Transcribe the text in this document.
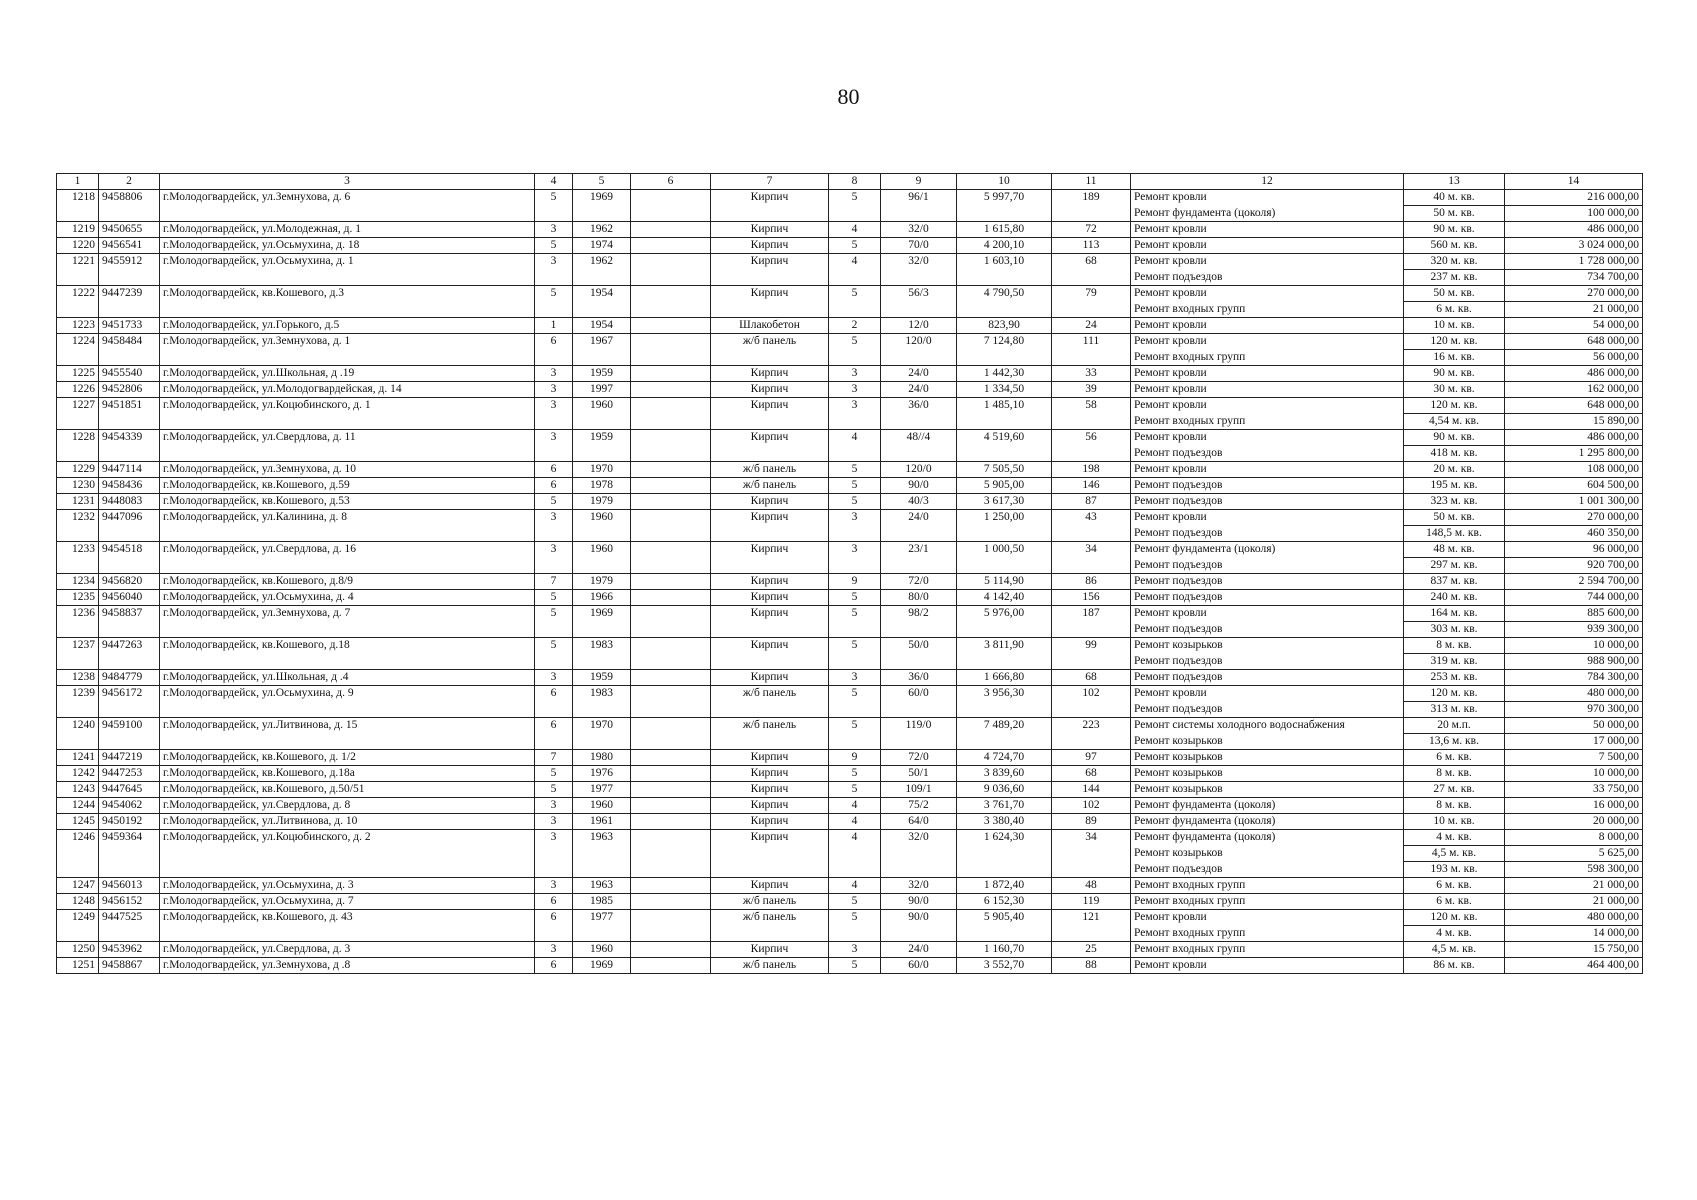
80
1	2	3	4	5	6	7	8	9	10	11	12	13	14
1218	9458806	г.Молодогвардейск, ул.Земнухова, д. 6	5	1969		Кирпич	5	96/1	5 997,70	189	Ремонт кровли	40 м. кв.	216 000,00
											Ремонт фундамента (цоколя)	50 м. кв.	100 000,00
1219	9450655	г.Молодогвардейск, ул.Молодежная, д. 1	3	1962		Кирпич	4	32/0	1 615,80	72	Ремонт кровли	90 м. кв.	486 000,00
1220	9456541	г.Молодогвардейск, ул.Осьмухина, д. 18	5	1974		Кирпич	5	70/0	4 200,10	113	Ремонт кровли	560 м. кв.	3 024 000,00
1221	9455912	г.Молодогвардейск, ул.Осьмухина, д. 1	3	1962		Кирпич	4	32/0	1 603,10	68	Ремонт кровли	320 м. кв.	1 728 000,00
											Ремонт подъездов	237 м. кв.	734 700,00
1222	9447239	г.Молодогвардейск, кв.Кошевого, д.3	5	1954		Кирпич	5	56/3	4 790,50	79	Ремонт кровли	50 м. кв.	270 000,00
											Ремонт входных групп	6 м. кв.	21 000,00
1223	9451733	г.Молодогвардейск, ул.Горького, д.5	1	1954		Шлакобетон	2	12/0	823,90	24	Ремонт кровли	10 м. кв.	54 000,00
1224	9458484	г.Молодогвардейск, ул.Земнухова, д. 1	6	1967		ж/б панель	5	120/0	7 124,80	111	Ремонт кровли	120 м. кв.	648 000,00
											Ремонт входных групп	16 м. кв.	56 000,00
1225	9455540	г.Молодогвардейск, ул.Школьная, д .19	3	1959		Кирпич	3	24/0	1 442,30	33	Ремонт кровли	90 м. кв.	486 000,00
1226	9452806	г.Молодогвардейск, ул.Молодогвардейская, д. 14	3	1997		Кирпич	3	24/0	1 334,50	39	Ремонт кровли	30 м. кв.	162 000,00
1227	9451851	г.Молодогвардейск, ул.Коцюбинского, д. 1	3	1960		Кирпич	3	36/0	1 485,10	58	Ремонт кровли	120 м. кв.	648 000,00
											Ремонт входных групп	4,54 м. кв.	15 890,00
1228	9454339	г.Молодогвардейск, ул.Свердлова, д. 11	3	1959		Кирпич	4	48//4	4 519,60	56	Ремонт кровли	90 м. кв.	486 000,00
											Ремонт подъездов	418 м. кв.	1 295 800,00
1229	9447114	г.Молодогвардейск, ул.Земнухова, д. 10	6	1970		ж/б панель	5	120/0	7 505,50	198	Ремонт кровли	20 м. кв.	108 000,00
1230	9458436	г.Молодогвардейск, кв.Кошевого, д.59	6	1978		ж/б панель	5	90/0	5 905,00	146	Ремонт подъездов	195 м. кв.	604 500,00
1231	9448083	г.Молодогвардейск, кв.Кошевого, д.53	5	1979		Кирпич	5	40/3	3 617,30	87	Ремонт подъездов	323 м. кв.	1 001 300,00
1232	9447096	г.Молодогвардейск, ул.Калинина, д. 8	3	1960		Кирпич	3	24/0	1 250,00	43	Ремонт кровли	50 м. кв.	270 000,00
											Ремонт подъездов	148,5 м. кв.	460 350,00
1233	9454518	г.Молодогвардейск, ул.Свердлова, д. 16	3	1960		Кирпич	3	23/1	1 000,50	34	Ремонт фундамента (цоколя)	48 м. кв.	96 000,00
											Ремонт подъездов	297 м. кв.	920 700,00
1234	9456820	г.Молодогвардейск, кв.Кошевого, д.8/9	7	1979		Кирпич	9	72/0	5 114,90	86	Ремонт подъездов	837 м. кв.	2 594 700,00
1235	9456040	г.Молодогвардейск, ул.Осьмухина, д. 4	5	1966		Кирпич	5	80/0	4 142,40	156	Ремонт подъездов	240 м. кв.	744 000,00
1236	9458837	г.Молодогвардейск, ул.Земнухова, д. 7	5	1969		Кирпич	5	98/2	5 976,00	187	Ремонт кровли	164 м. кв.	885 600,00
											Ремонт подъездов	303 м. кв.	939 300,00
1237	9447263	г.Молодогвардейск, кв.Кошевого, д.18	5	1983		Кирпич	5	50/0	3 811,90	99	Ремонт козырьков	8 м. кв.	10 000,00
											Ремонт подъездов	319 м. кв.	988 900,00
1238	9484779	г.Молодогвардейск, ул.Школьная, д .4	3	1959		Кирпич	3	36/0	1 666,80	68	Ремонт подъездов	253 м. кв.	784 300,00
1239	9456172	г.Молодогвардейск, ул.Осьмухина, д. 9	6	1983		ж/б панель	5	60/0	3 956,30	102	Ремонт кровли	120 м. кв.	480 000,00
											Ремонт подъездов	313 м. кв.	970 300,00
1240	9459100	г.Молодогвардейск, ул.Литвинова, д. 15	6	1970		ж/б панель	5	119/0	7 489,20	223	Ремонт системы холодного водоснабжения	20 м.п.	50 000,00
											Ремонт козырьков	13,6 м. кв.	17 000,00
1241	9447219	г.Молодогвардейск, кв.Кошевого, д. 1/2	7	1980		Кирпич	9	72/0	4 724,70	97	Ремонт козырьков	6 м. кв.	7 500,00
1242	9447253	г.Молодогвардейск, кв.Кошевого, д.18а	5	1976		Кирпич	5	50/1	3 839,60	68	Ремонт козырьков	8 м. кв.	10 000,00
1243	9447645	г.Молодогвардейск, кв.Кошевого, д.50/51	5	1977		Кирпич	5	109/1	9 036,60	144	Ремонт козырьков	27 м. кв.	33 750,00
1244	9454062	г.Молодогвардейск, ул.Свердлова, д. 8	3	1960		Кирпич	4	75/2	3 761,70	102	Ремонт фундамента (цоколя)	8 м. кв.	16 000,00
1245	9450192	г.Молодогвардейск, ул.Литвинова, д. 10	3	1961		Кирпич	4	64/0	3 380,40	89	Ремонт фундамента (цоколя)	10 м. кв.	20 000,00
1246	9459364	г.Молодогвардейск, ул.Коцюбинского, д. 2	3	1963		Кирпич	4	32/0	1 624,30	34	Ремонт фундамента (цоколя)	4 м. кв.	8 000,00
											Ремонт козырьков	4,5 м. кв.	5 625,00
											Ремонт подъездов	193 м. кв.	598 300,00
1247	9456013	г.Молодогвардейск, ул.Осьмухина, д. 3	3	1963		Кирпич	4	32/0	1 872,40	48	Ремонт входных групп	6 м. кв.	21 000,00
1248	9456152	г.Молодогвардейск, ул.Осьмухина, д. 7	6	1985		ж/б панель	5	90/0	6 152,30	119	Ремонт входных групп	6 м. кв.	21 000,00
1249	9447525	г.Молодогвардейск, кв.Кошевого, д. 43	6	1977		ж/б панель	5	90/0	5 905,40	121	Ремонт кровли	120 м. кв.	480 000,00
											Ремонт входных групп	4 м. кв.	14 000,00
1250	9453962	г.Молодогвардейск, ул.Свердлова, д. 3	3	1960		Кирпич	3	24/0	1 160,70	25	Ремонт входных групп	4,5 м. кв.	15 750,00
1251	9458867	г.Молодогвардейск, ул.Земнухова, д .8	6	1969		ж/б панель	5	60/0	3 552,70	88	Ремонт кровли	86 м. кв.	464 400,00
